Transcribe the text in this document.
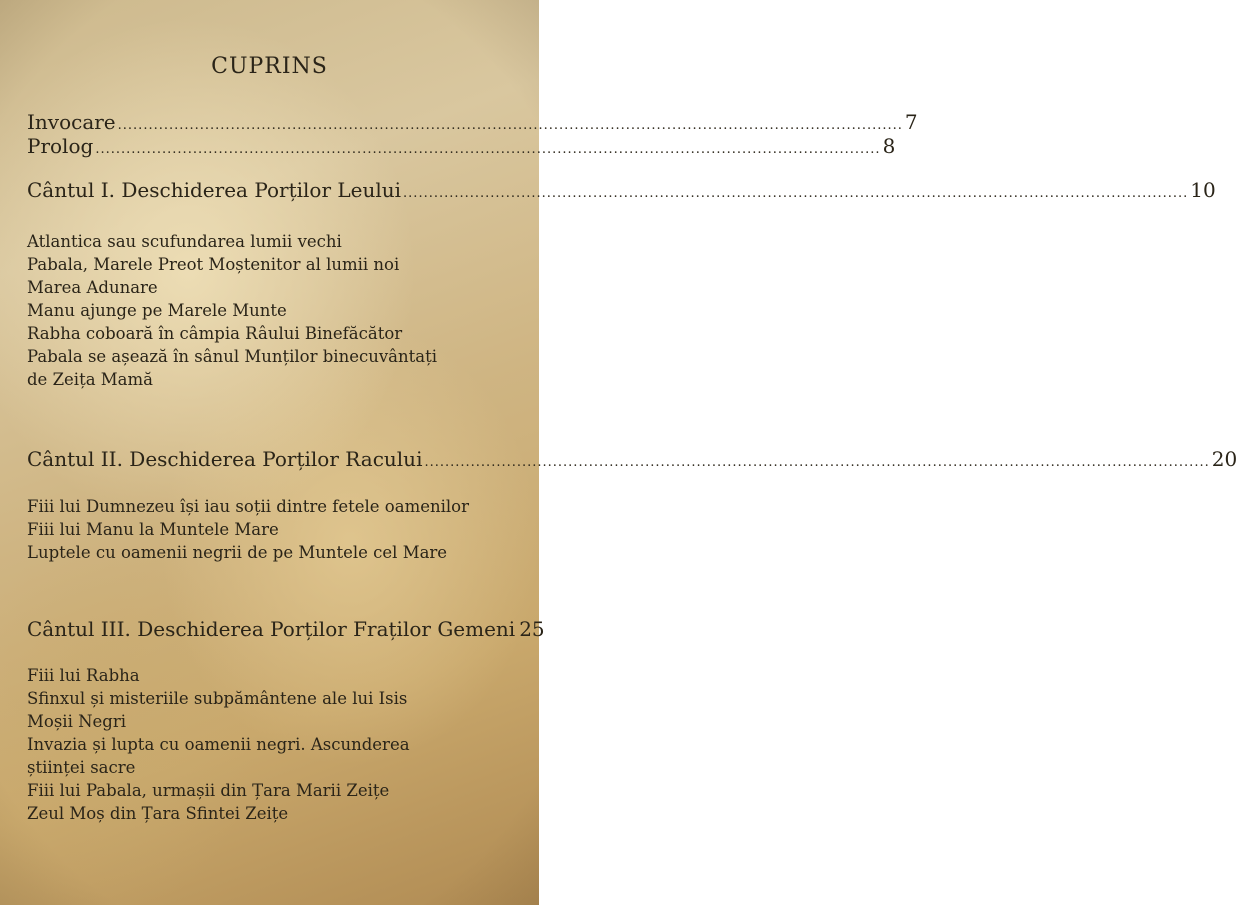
CUPRINS
Invocare ......................................................................................................................................................... 7
Prolog ......................................................................................................................................................... 8
Cântul I. Deschiderea Porților Leului ......................................................................................................................................................... 10
Atlantica sau scufundarea lumii vechi
Pabala, Marele Preot Moștenitor al lumii noi
Marea Adunare
Manu ajunge pe Marele Munte
Rabha coboară în câmpia Râului Binefăcător
Pabala se așează în sânul Munților binecuvântați
de Zeița Mamă
Cântul II. Deschiderea Porților Racului ......................................................................................................................................................... 20
Fiii lui Dumnezeu își iau soții dintre fetele oamenilor
Fiii lui Manu la Muntele Mare
Luptele cu oamenii negrii de pe Muntele cel Mare
Cântul III. Deschiderea Porților Fraților Gemeni 25
Fiii lui Rabha
Sfinxul și misteriile subpământene ale lui Isis
Moșii Negri
Invazia și lupta cu oamenii negri. Ascunderea
științei sacre
Fiii lui Pabala, urmașii din Țara Marii Zeițe
Zeul Moș din Țara Sfintei Zeițe
